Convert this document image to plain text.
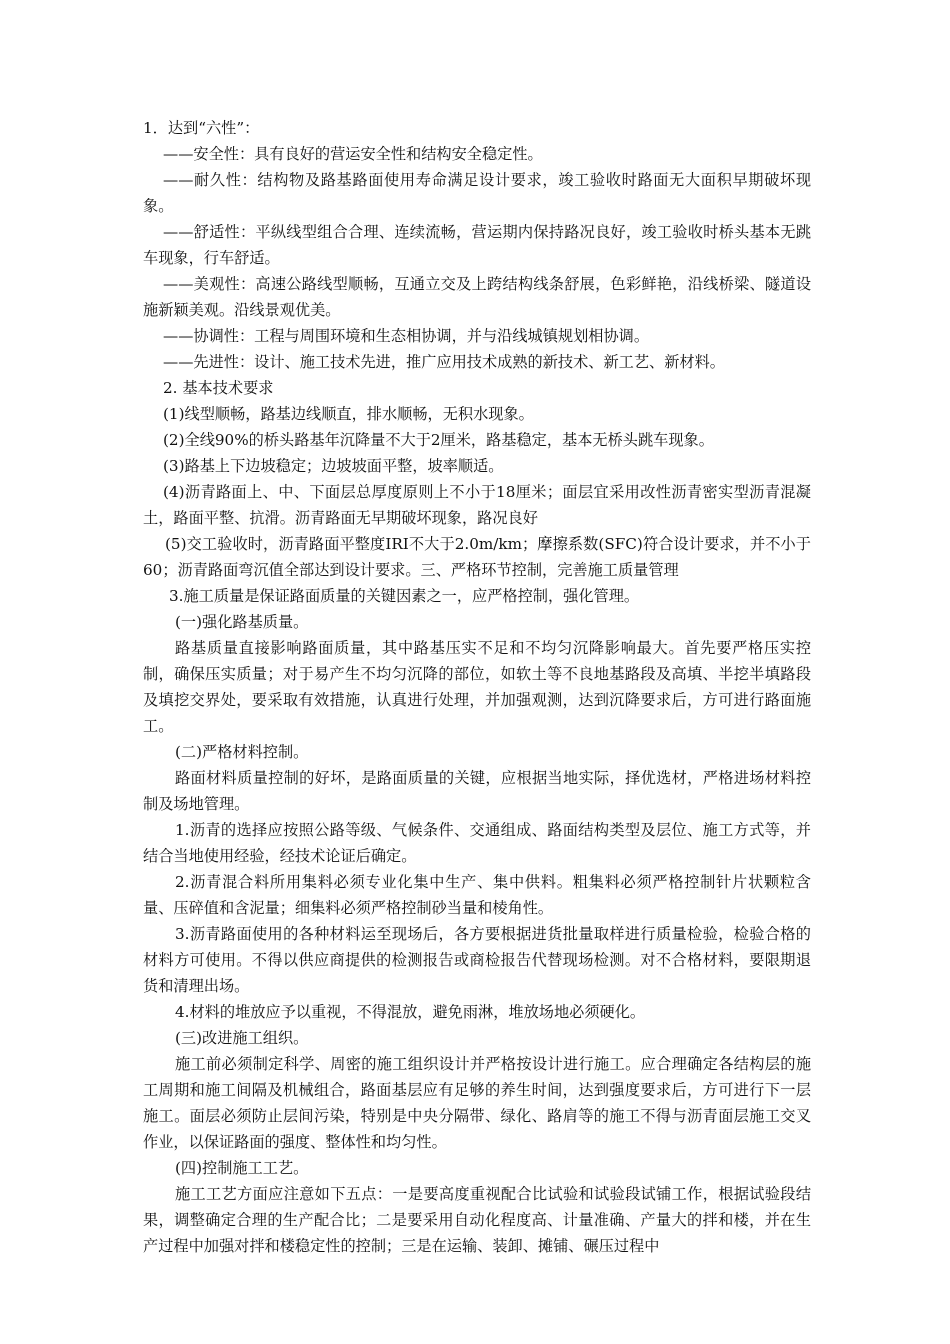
1．达到“六性”：

——安全性：具有良好的营运安全性和结构安全稳定性。

——耐久性：结构物及路基路面使用寿命满足设计要求，竣工验收时路面无大面积早期破坏现象。

——舒适性：平纵线型组合合理、连续流畅，营运期内保持路况良好，竣工验收时桥头基本无跳车现象，行车舒适。

——美观性：高速公路线型顺畅，互通立交及上跨结构线条舒展，色彩鲜艳，沿线桥梁、隧道设施新颖美观。沿线景观优美。

——协调性：工程与周围环境和生态相协调，并与沿线城镇规划相协调。

——先进性：设计、施工技术先进，推广应用技术成熟的新技术、新工艺、新材料。

2. 基本技术要求

(1)线型顺畅，路基边线顺直，排水顺畅，无积水现象。

(2)全线90%的桥头路基年沉降量不大于2厘米，路基稳定，基本无桥头跳车现象。

(3)路基上下边坡稳定；边坡坡面平整，坡率顺适。

(4)沥青路面上、中、下面层总厚度原则上不小于18厘米；面层宜采用改性沥青密实型沥青混凝土，路面平整、抗滑。沥青路面无早期破坏现象，路况良好

(5)交工验收时，沥青路面平整度IRI不大于2.0m/km；摩擦系数(SFC)符合设计要求，并不小于60；沥青路面弯沉值全部达到设计要求。三、严格环节控制，完善施工质量管理

3.施工质量是保证路面质量的关键因素之一，应严格控制，强化管理。

(一)强化路基质量。

路基质量直接影响路面质量，其中路基压实不足和不均匀沉降影响最大。首先要严格压实控制，确保压实质量；对于易产生不均匀沉降的部位，如软土等不良地基路段及高填、半挖半填路段及填挖交界处，要采取有效措施，认真进行处理，并加强观测，达到沉降要求后，方可进行路面施工。

(二)严格材料控制。

路面材料质量控制的好坏，是路面质量的关键，应根据当地实际，择优选材，严格进场材料控制及场地管理。

1.沥青的选择应按照公路等级、气候条件、交通组成、路面结构类型及层位、施工方式等，并结合当地使用经验，经技术论证后确定。

2.沥青混合料所用集料必须专业化集中生产、集中供料。粗集料必须严格控制针片状颗粒含量、压碎值和含泥量；细集料必须严格控制砂当量和棱角性。

3.沥青路面使用的各种材料运至现场后，各方要根据进货批量取样进行质量检验，检验合格的材料方可使用。不得以供应商提供的检测报告或商检报告代替现场检测。对不合格材料，要限期退货和清理出场。

4.材料的堆放应予以重视，不得混放，避免雨淋，堆放场地必须硬化。

(三)改进施工组织。

施工前必须制定科学、周密的施工组织设计并严格按设计进行施工。应合理确定各结构层的施工周期和施工间隔及机械组合，路面基层应有足够的养生时间，达到强度要求后，方可进行下一层施工。面层必须防止层间污染，特别是中央分隔带、绿化、路肩等的施工不得与沥青面层施工交叉作业，以保证路面的强度、整体性和均匀性。

(四)控制施工工艺。

施工工艺方面应注意如下五点：一是要高度重视配合比试验和试验段试铺工作，根据试验段结果，调整确定合理的生产配合比；二是要采用自动化程度高、计量准确、产量大的拌和楼，并在生产过程中加强对拌和楼稳定性的控制；三是在运输、装卸、摊铺、碾压过程中
